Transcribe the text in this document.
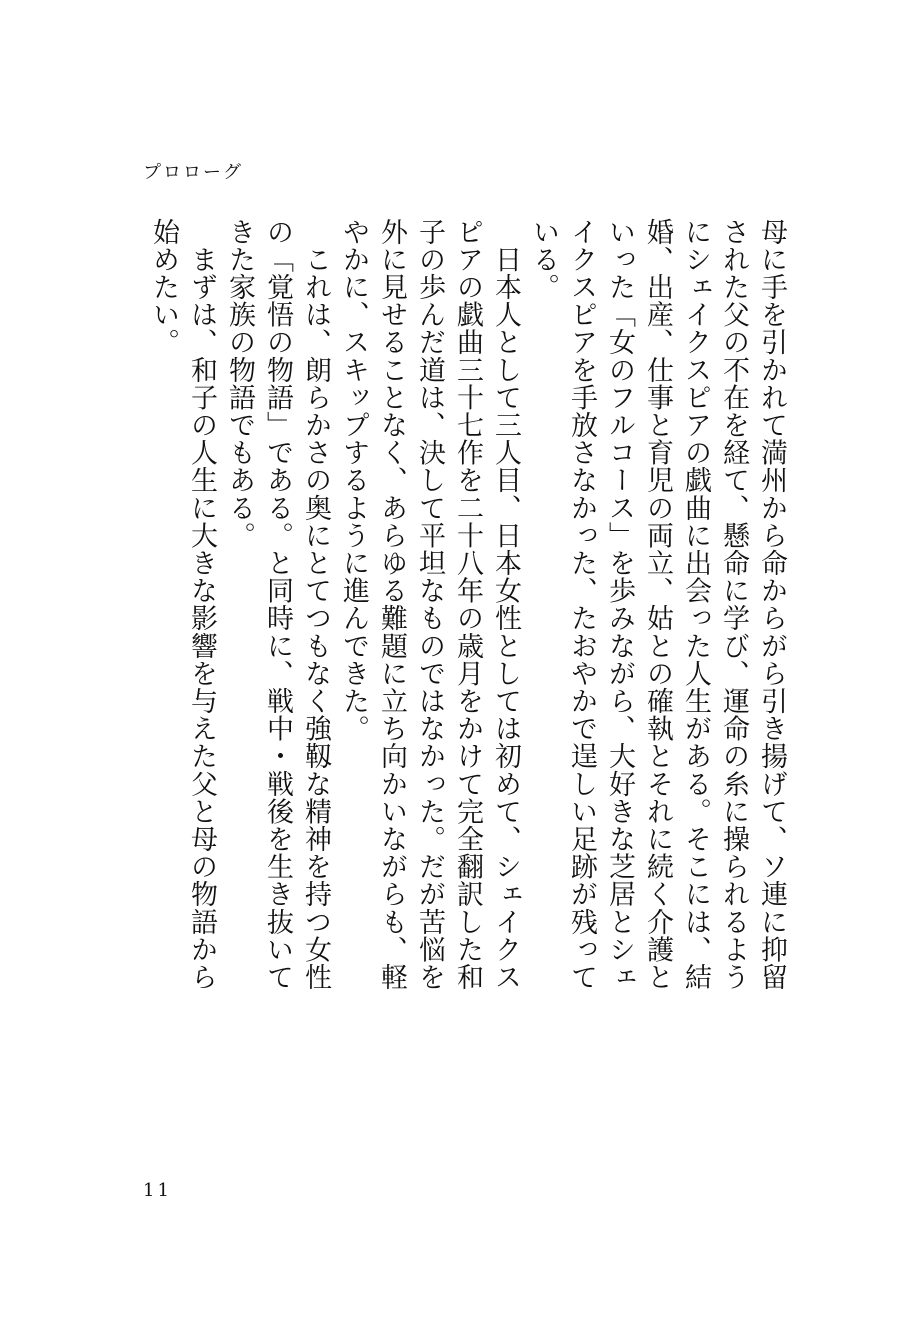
プロローグ

母に手を引かれて満州から命からがら引き揚げて、ソ連に抑留された父の不在を経て、懸命に学び、運命の糸に操られるようにシェイクスピアの戯曲に出会った人生がある。そこには、結婚、出産、仕事と育児の両立、姑との確執とそれに続く介護といった「女のフルコース」を歩みながら、大好きな芝居とシェイクスピアを手放さなかった、たおやかで逞しい足跡が残っている。

　日本人として三人目、日本女性としては初めて、シェイクスピアの戯曲三十七作を二十八年の歳月をかけて完全翻訳した和子の歩んだ道は、決して平坦なものではなかった。だが苦悩を外に見せることなく、あらゆる難題に立ち向かいながらも、軽やかに、スキップするように進んできた。

　これは、朗らかさの奥にとてつもなく強靱な精神を持つ女性の「覚悟の物語」である。と同時に、戦中・戦後を生き抜いてきた家族の物語でもある。

　まずは、和子の人生に大きな影響を与えた父と母の物語から始めたい。

11
